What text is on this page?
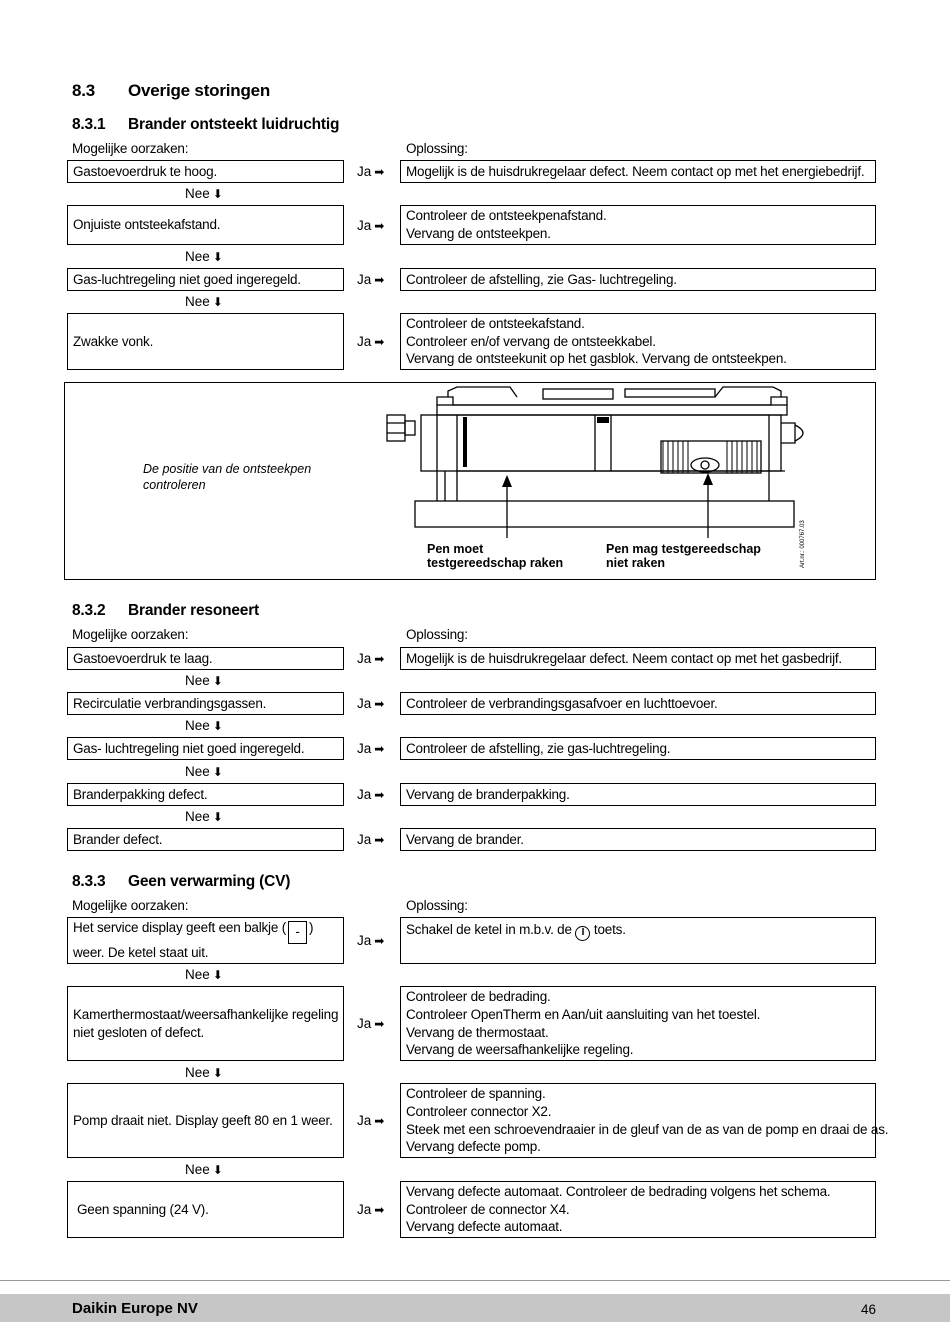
8.3 Overige storingen
8.3.1 Brander ontsteekt luidruchtig
Mogelijke oorzaken:	Oplossing:
Gastoevoerdruk te hoog.	Ja ➡ Mogelijk is de huisdrukregelaar defect. Neem contact op met het energiebedrijf.
Nee ⬇
Onjuiste ontsteekafstand.	Ja ➡
Controleer de ontsteekpenafstand.
Vervang de ontsteekpen.
Nee ⬇
Gas-luchtregeling niet goed ingeregeld.	Ja ➡ Controleer de afstelling, zie Gas- luchtregeling.
Nee ⬇
Zwakke vonk.	Ja ➡
Controleer de ontsteekafstand.
Controleer en/of vervang de ontsteekkabel.
Vervang de ontsteekunit op het gasblok. Vervang de ontsteekpen.
De positie van de ontsteekpen
controleren
Pen moet
testgereedschap raken
Pen mag testgereedschap
niet raken	Art.nr.: 000767.03
8.3.2 Brander resoneert
Mogelijke oorzaken:	Oplossing:
Gastoevoerdruk te laag.	Ja ➡ Mogelijk is de huisdrukregelaar defect. Neem contact op met het gasbedrijf.
Nee ⬇
Recirculatie verbrandingsgassen.	Ja ➡ Controleer de verbrandingsgasafvoer en luchttoevoer.
Nee ⬇
Gas- luchtregeling niet goed ingeregeld.	Ja ➡ Controleer de afstelling, zie gas-luchtregeling.
Nee ⬇
Branderpakking defect.	Ja ➡ Vervang de branderpakking.
Nee ⬇
Brander defect.	Ja ➡ Vervang de brander.
8.3.3 Geen verwarming (CV)
Mogelijke oorzaken:	Oplossing:
Het service display geeft een balkje ( - )
weer. De ketel staat uit.
Ja ➡
Schakel de ketel in m.b.v. de I toets.
Nee ⬇
Kamerthermostaat/weersafhankelijke regeling
niet gesloten of defect.
Ja ➡
Controleer de bedrading.
Controleer OpenTherm en Aan/uit aansluiting van het toestel.
Vervang de thermostaat.
Vervang de weersafhankelijke regeling.
Nee ⬇
Pomp draait niet. Display geeft 80 en 1 weer.	Ja ➡
Controleer de spanning.
Controleer connector X2.
Steek met een schroevendraaier in de gleuf van de as van de pomp en draai de as.
Vervang defecte pomp.
Nee ⬇
Geen spanning (24 V).	Ja ➡
Vervang defecte automaat. Controleer de bedrading volgens het schema.
Controleer de connector X4.
Vervang defecte automaat.
Daikin Europe NV	46
